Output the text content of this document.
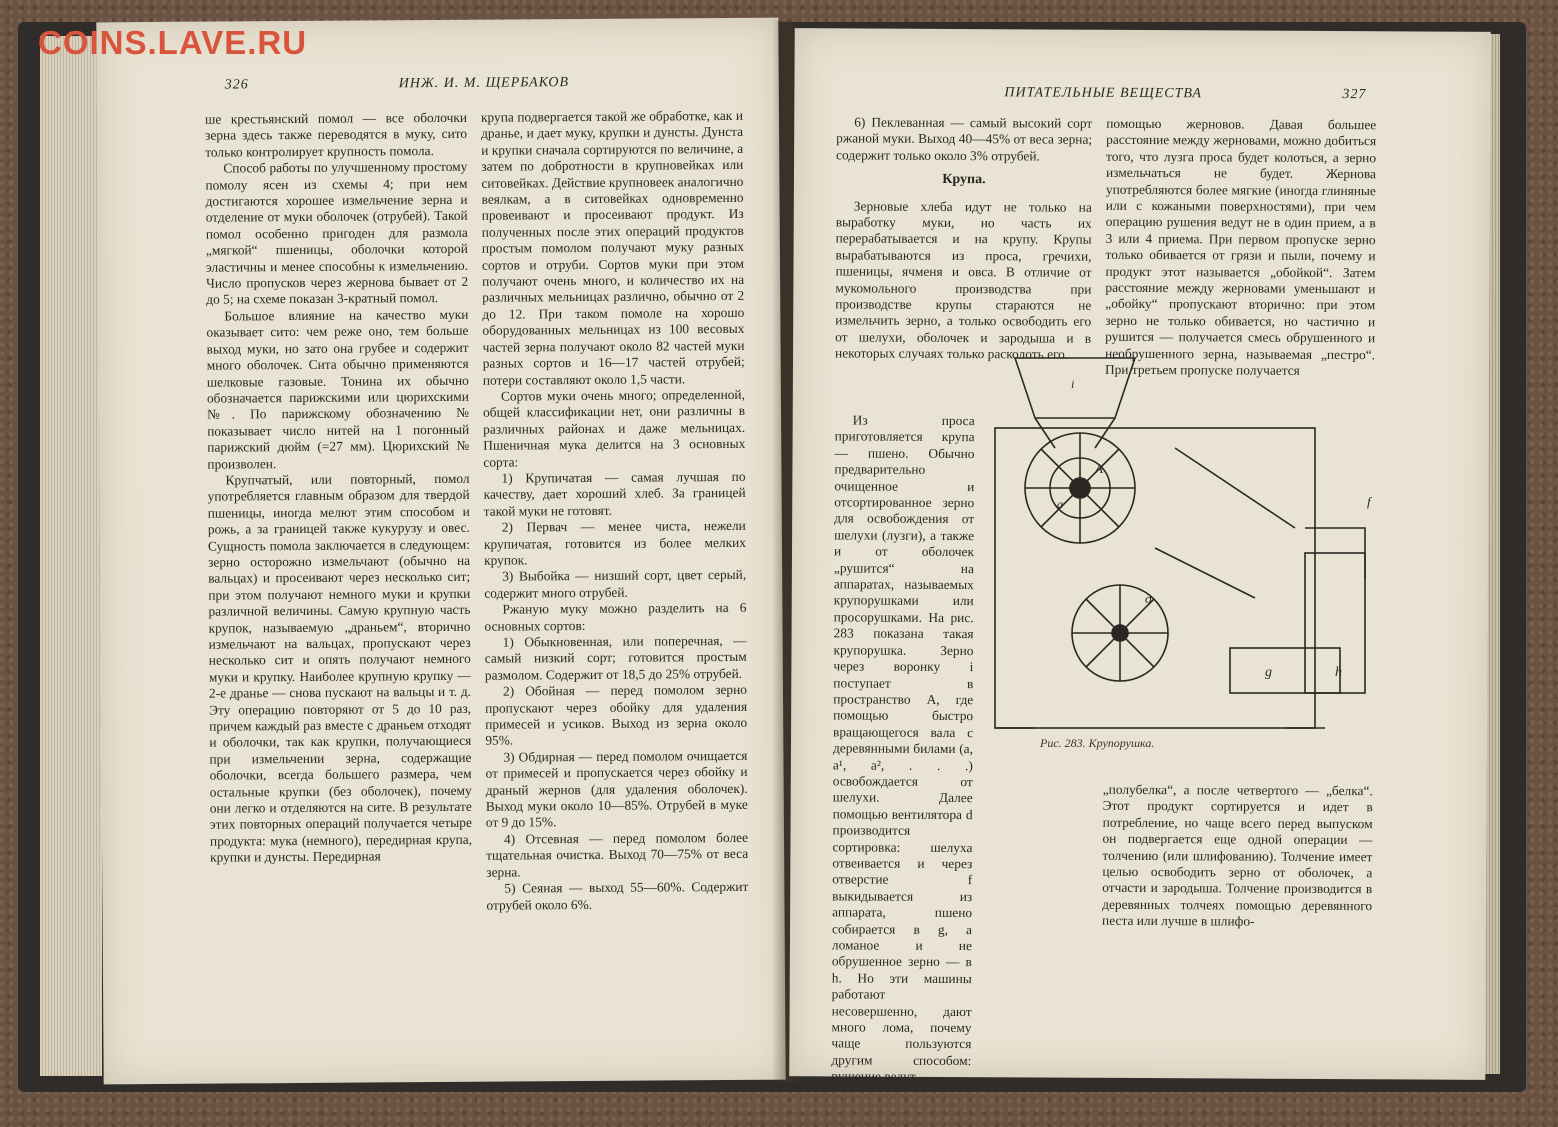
326	ИНЖ. И. М. ЩЕРБАКОВ

ше крестьянский помол — все оболочки зерна здесь также переводятся в муку, сито только контролирует крупность помола.

Способ работы по улучшенному простому помолу ясен из схемы 4; при нем достигаются хорошее измельчение зерна и отделение от муки оболочек (отрубей). Такой помол особенно пригоден для размола „мягкой“ пшеницы, оболочки которой эластичны и менее способны к измельчению. Число пропусков через жернова бывает от 2 до 5; на схеме показан 3-кратный помол.

Большое влияние на качество муки оказывает сито: чем реже оно, тем больше выход муки, но зато она грубее и содержит много оболочек. Сита обычно применяются шелковые газовые. Тонина их обычно обозначается парижскими или цюрихскими №. По парижскому обозначению № показывает число нитей на 1 погонный парижский дюйм (=27 мм). Цюрихский № произволен.

Крупчатый, или повторный, помол употребляется главным образом для твердой пшеницы, иногда мелют этим способом и рожь, а за границей также кукурузу и овес. Сущность помола заключается в следующем: зерно осторожно измельчают (обычно на вальцах) и просеивают через несколько сит; при этом получают немного муки и крупки различной величины. Самую крупную часть крупок, называемую „драньем“, вторично измельчают на вальцах, пропускают через несколько сит и опять получают немного муки и крупку. Наиболее крупную крупку — 2-е дранье — снова пускают на вальцы и т. д. Эту операцию повторяют от 5 до 10 раз, причем каждый раз вместе с драньем отходят и оболочки, так как крупки, получающиеся при измельчении зерна, содержащие оболочки, всегда большего размера, чем остальные крупки (без оболочек), почему они легко и отделяются на сите. В результате этих повторных операций получается четыре продукта: мука (немного), передирная крупа, крупки и дунсты. Передирная

крупа подвергается такой же обработке, как и дранье, и дает муку, крупки и дунсты. Дунста и крупки сначала сортируются по величине, а затем по добротности в крупновейках или ситовейках. Действие крупновеек аналогично веялкам, а в ситовейках одновременно провеивают и просеивают продукт. Из полученных после этих операций продуктов простым помолом получают муку разных сортов и отруби. Сортов муки при этом получают очень много, и количество их на различных мельницах различно, обычно от 2 до 12. При таком помоле на хорошо оборудованных мельницах из 100 весовых частей зерна получают около 82 частей муки разных сортов и 16—17 частей отрубей; потери составляют около 1,5 части.

Сортов муки очень много; определенной, общей классификации нет, они различны в различных районах и даже мельницах. Пшеничная мука делится на 3 основных сорта:

1) Крупичатая — самая лучшая по качеству, дает хороший хлеб. За границей такой муки не готовят.

2) Первач — менее чиста, нежели крупичатая, готовится из более мелких крупок.

3) Выбойка — низший сорт, цвет серый, содержит много отрубей.

Ржаную муку можно разделить на 6 основных сортов:

1) Обыкновенная, или поперечная, — самый низкий сорт; готовится простым размолом. Содержит от 18,5 до 25% отрубей.

2) Обойная — перед помолом зерно пропускают через обойку для удаления примесей и усиков. Выход из зерна около 95%.

3) Обдирная — перед помолом очищается от примесей и пропускается через обойку и драный жернов (для удаления оболочек). Выход муки около 10—85%. Отрубей в муке от 9 до 15%.

4) Отсевная — перед помолом более тщательная очистка. Выход 70—75% от веса зерна.

5) Сеяная — выход 55—60%. Содержит отрубей около 6%.

ПИТАТЕЛЬНЫЕ ВЕЩЕСТВА	327

6) Пеклеванная — самый высокий сорт ржаной муки. Выход 40—45% от веса зерна; содержит только около 3% отрубей.

Крупа.

Зерновые хлеба идут не только на выработку муки, но часть их перерабатывается и на крупу. Крупы вырабатываются из проса, гречихи, пшеницы, ячменя и овса. В отличие от мукомольного производства при производстве крупы стараются не измельчить зерно, а только освободить его от шелухи, оболочек и зародыша и в некоторых случаях только расколоть его.

Из проса приготовляется крупа — пшено. Обычно предварительно очищенное и отсортированное зерно для освобождения от шелухи (лузги), а также и от оболочек „рушится“ на аппаратах, называемых крупорушками или просорушками. На рис. 283 показана такая крупорушка. Зерно через воронку i поступает в пространство А, где помощью быстро вращающегося вала с деревянными билами (a, a¹, a², . . .) освобождается от шелухи. Далее помощью вентилятора d производится сортировка: шелуха отвеивается и через отверстие f выкидывается из аппарата, пшено собирается в g, а ломаное и не обрушенное зерно — в h. Но эти машины работают несовершенно, дают много лома, почему чаще пользуются другим способом: рушение ведут

помощью жерновов. Давая большее расстояние между жерновами, можно добиться того, что лузга проса будет колоться, а зерно измельчаться не будет. Жернова употребляются более мягкие (иногда глиняные или с кожаными поверхностями), при чем операцию рушения ведут не в один прием, а в 3 или 4 приема. При первом пропуске зерно только обивается от грязи и пыли, почему и продукт этот называется „обойкой“. Затем расстояние между жерновами уменьшают и „обойку“ пропускают вторично: при этом зерно не только обивается, но частично и рушится — получается смесь обрушенного и необрушенного зерна, называемая „пестро“. При третьем пропуске получается

„полубелка“, а после четвертого — „белка“. Этот продукт сортируется и идет в потребление, но чаще всего перед выпуском он подвергается еще одной операции — толчению (или шлифованию). Толчение имеет целью освободить зерно от оболочек, а отчасти и зародыша. Толчение производится в деревянных толчеях помощью деревянного песта или лучше в шлифо-

А
д
g	h
f
i
a
Рис. 283. Крупорушка.
COINS.LAVE.RU
